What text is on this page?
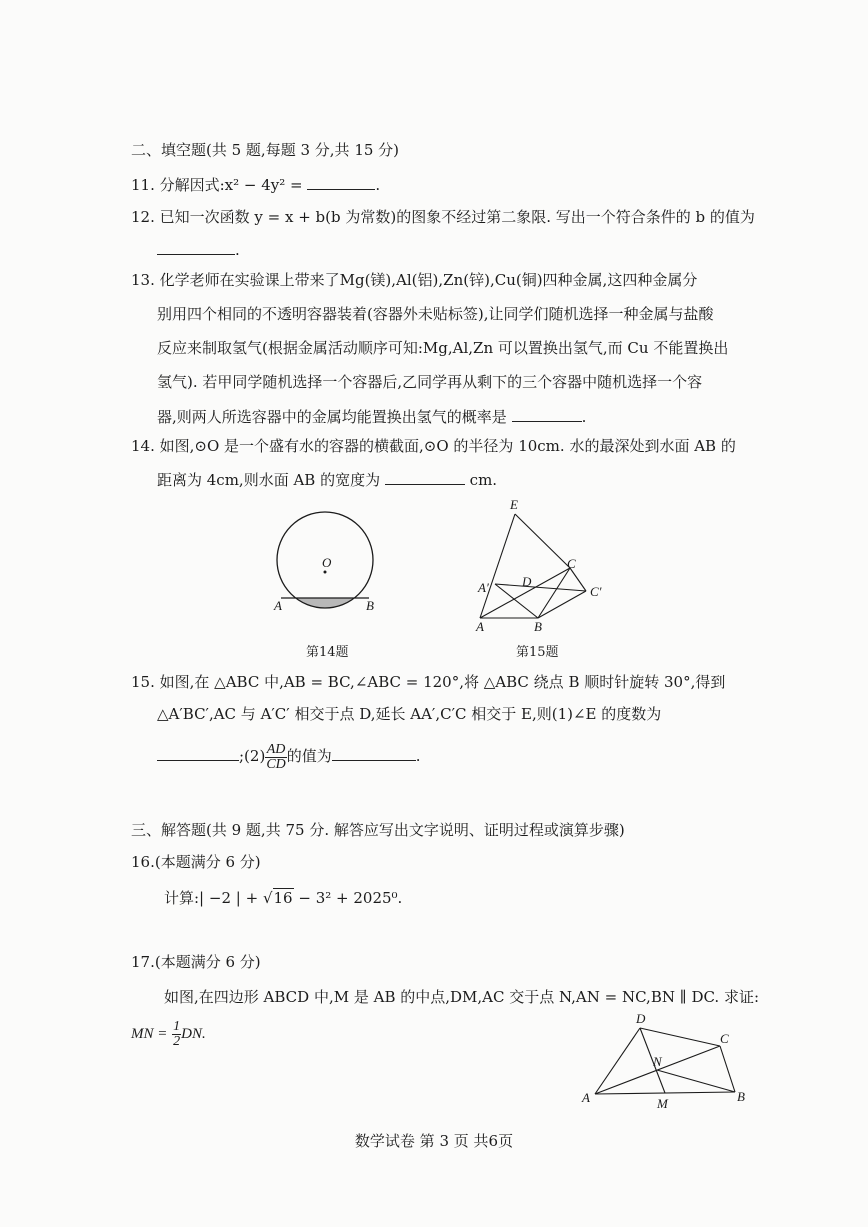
二、填空题(共 5 题,每题 3 分,共 15 分)
11. 分解因式:x² − 4y² =	.
12. 已知一次函数 y = x + b(b 为常数)的图象不经过第二象限. 写出一个符合条件的 b 的值为
.
13. 化学老师在实验课上带来了Mg(镁),Al(铝),Zn(锌),Cu(铜)四种金属,这四种金属分
别用四个相同的不透明容器装着(容器外未贴标签),让同学们随机选择一种金属与盐酸
反应来制取氢气(根据金属活动顺序可知:Mg,Al,Zn 可以置换出氢气,而 Cu 不能置换出
氢气). 若甲同学随机选择一个容器后,乙同学再从剩下的三个容器中随机选择一个容
器,则两人所选容器中的金属均能置换出氢气的概率是	.
14. 如图,⊙O 是一个盛有水的容器的横截面,⊙O 的半径为 10cm. 水的最深处到水面 AB 的
距离为 4cm,则水面 AB 的宽度为	cm.
O
A	B
第14题
E
C
D
A′	C′
A	B
第15题
15. 如图,在 △ABC 中,AB = BC,∠ABC = 120°,将 △ABC 绕点 B 顺时针旋转 30°,得到
△A′BC′,AC 与 A′C′ 相交于点 D,延长 AA′,C′C 相交于 E,则(1)∠E 的度数为
;(2) $\frac{AD}{CD}$ 的值为	.
三、解答题(共 9 题,共 75 分. 解答应写出文字说明、证明过程或演算步骤)
16.(本题满分 6 分)
计算:| −2 | + √16 − 3² + 2025⁰.
17.(本题满分 6 分)
如图,在四边形 ABCD 中,M 是 AB 的中点,DM,AC 交于点 N,AN = NC,BN ∥ DC. 求证:
MN = $\frac{1}{2}$ DN.
D
C
N
A	M	B
数学试卷 第 3 页 共6页
